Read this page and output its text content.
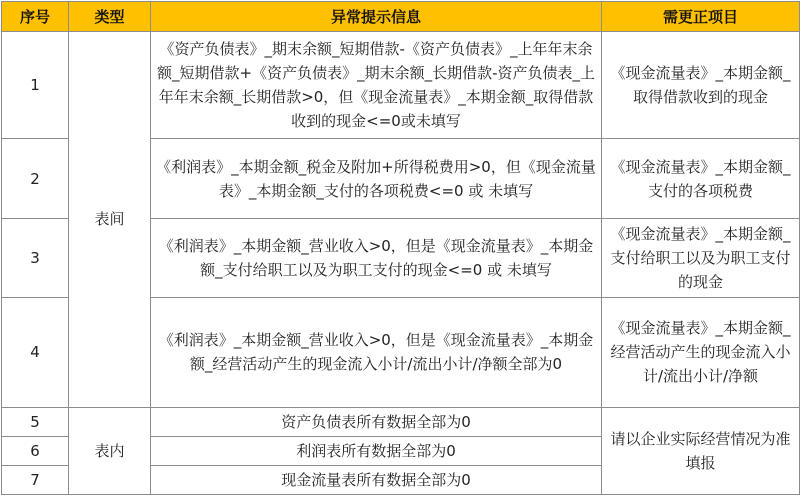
序号	类型	异常提示信息	需更正项目
1	表间	《资产负债表》_期末余额_短期借款-《资产负债表》_上年年末余额_短期借款+《资产负债表》_期末余额_长期借款-资产负债表_上年年末余额_长期借款>0，但《现金流量表》_本期金额_取得借款收到的现金<=0或未填写	《现金流量表》_本期金额_取得借款收到的现金
2		《利润表》_本期金额_税金及附加+所得税费用>0，但《现金流量表》_本期金额_支付的各项税费<=0 或 未填写	《现金流量表》_本期金额_支付的各项税费
3		《利润表》_本期金额_营业收入>0，但是《现金流量表》_本期金额_支付给职工以及为职工支付的现金<=0 或 未填写	《现金流量表》_本期金额_支付给职工以及为职工支付的现金
4		《利润表》_本期金额_营业收入>0，但是《现金流量表》_本期金额_经营活动产生的现金流入小计/流出小计/净额全部为0	《现金流量表》_本期金额_经营活动产生的现金流入小计/流出小计/净额
5	表内	资产负债表所有数据全部为0	请以企业实际经营情况为准填报
6		利润表所有数据全部为0	
7		现金流量表所有数据全部为0	
